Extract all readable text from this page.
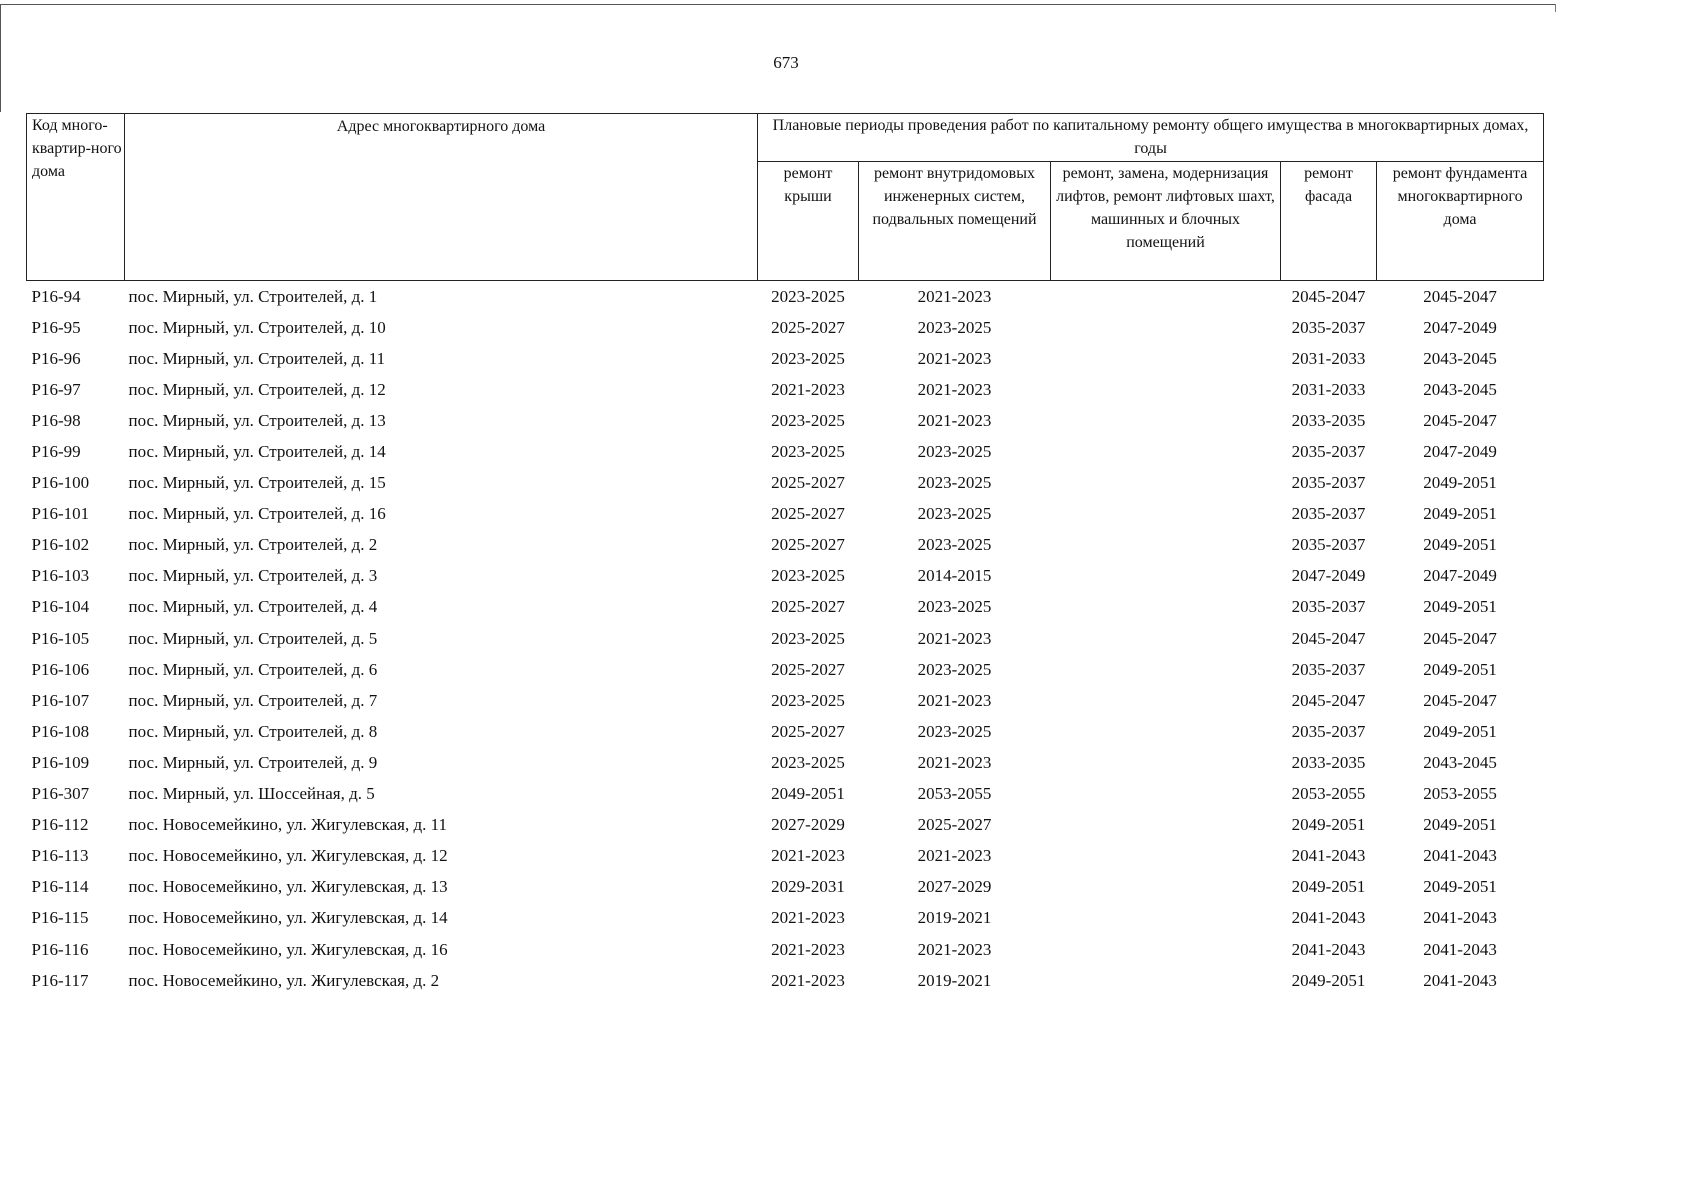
673
Код много-квартир-ного дома	Адрес многоквартирного дома	Плановые периоды проведения работ по капитальному ремонту общего имущества в многоквартирных домах, годы				
		ремонт крыши	ремонт внутридомовых инженерных систем, подвальных помещений	ремонт, замена, модернизация лифтов, ремонт лифтовых шахт, машинных и блочных помещений	ремонт фасада	ремонт фундамента многоквартирного дома
Р16-94	пос. Мирный, ул. Строителей, д. 1	2023-2025	2021-2023		2045-2047	2045-2047
Р16-95	пос. Мирный, ул. Строителей, д. 10	2025-2027	2023-2025		2035-2037	2047-2049
Р16-96	пос. Мирный, ул. Строителей, д. 11	2023-2025	2021-2023		2031-2033	2043-2045
Р16-97	пос. Мирный, ул. Строителей, д. 12	2021-2023	2021-2023		2031-2033	2043-2045
Р16-98	пос. Мирный, ул. Строителей, д. 13	2023-2025	2021-2023		2033-2035	2045-2047
Р16-99	пос. Мирный, ул. Строителей, д. 14	2023-2025	2023-2025		2035-2037	2047-2049
Р16-100	пос. Мирный, ул. Строителей, д. 15	2025-2027	2023-2025		2035-2037	2049-2051
Р16-101	пос. Мирный, ул. Строителей, д. 16	2025-2027	2023-2025		2035-2037	2049-2051
Р16-102	пос. Мирный, ул. Строителей, д. 2	2025-2027	2023-2025		2035-2037	2049-2051
Р16-103	пос. Мирный, ул. Строителей, д. 3	2023-2025	2014-2015		2047-2049	2047-2049
Р16-104	пос. Мирный, ул. Строителей, д. 4	2025-2027	2023-2025		2035-2037	2049-2051
Р16-105	пос. Мирный, ул. Строителей, д. 5	2023-2025	2021-2023		2045-2047	2045-2047
Р16-106	пос. Мирный, ул. Строителей, д. 6	2025-2027	2023-2025		2035-2037	2049-2051
Р16-107	пос. Мирный, ул. Строителей, д. 7	2023-2025	2021-2023		2045-2047	2045-2047
Р16-108	пос. Мирный, ул. Строителей, д. 8	2025-2027	2023-2025		2035-2037	2049-2051
Р16-109	пос. Мирный, ул. Строителей, д. 9	2023-2025	2021-2023		2033-2035	2043-2045
Р16-307	пос. Мирный, ул. Шоссейная, д. 5	2049-2051	2053-2055		2053-2055	2053-2055
Р16-112	пос. Новосемейкино, ул. Жигулевская, д. 11	2027-2029	2025-2027		2049-2051	2049-2051
Р16-113	пос. Новосемейкино, ул. Жигулевская, д. 12	2021-2023	2021-2023		2041-2043	2041-2043
Р16-114	пос. Новосемейкино, ул. Жигулевская, д. 13	2029-2031	2027-2029		2049-2051	2049-2051
Р16-115	пос. Новосемейкино, ул. Жигулевская, д. 14	2021-2023	2019-2021		2041-2043	2041-2043
Р16-116	пос. Новосемейкино, ул. Жигулевская, д. 16	2021-2023	2021-2023		2041-2043	2041-2043
Р16-117	пос. Новосемейкино, ул. Жигулевская, д. 2	2021-2023	2019-2021		2049-2051	2041-2043
